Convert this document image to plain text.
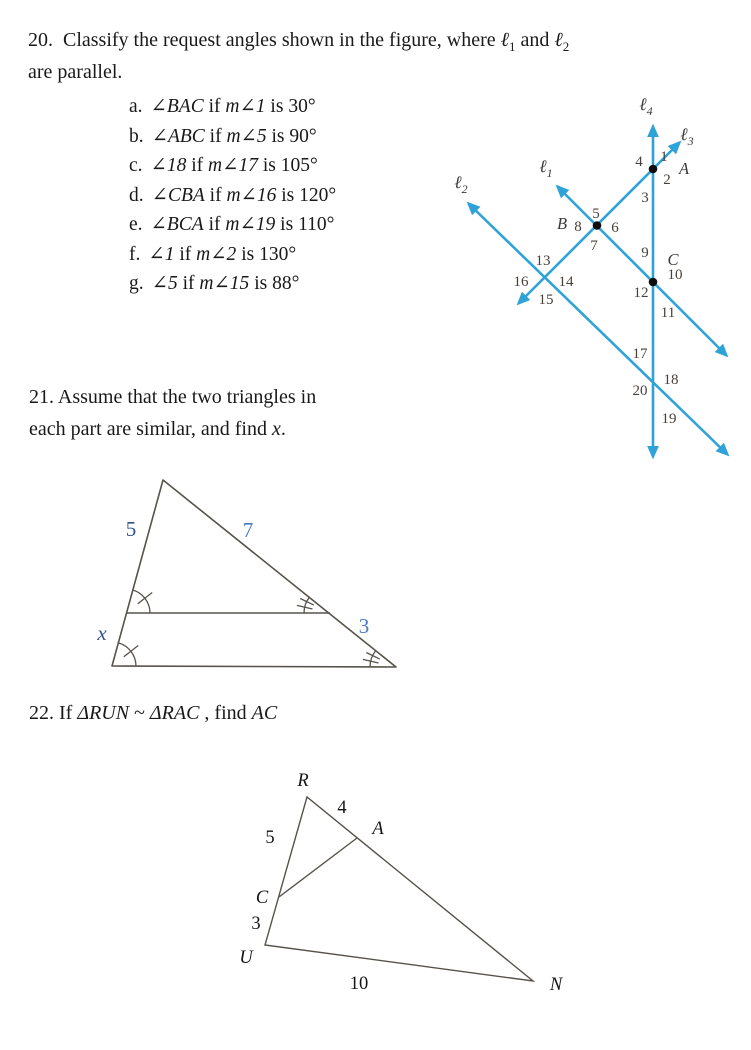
20. Classify the request angles shown in the figure, where ℓ$_1$ and ℓ$_2$
are parallel.
a. ∠BAC if m∠1 is 30°
b. ∠ABC if m∠5 is 90°
c. ∠18 if m∠17 is 105°
d. ∠CBA if m∠16 is 120°
e. ∠BCA if m∠19 is 110°
f. ∠1 if m∠2 is 130°
g. ∠5 if m∠15 is 88°
ℓ$_4$
ℓ$_3$
ℓ$_1$
ℓ$_2$
A
B
C
1
2
3
4
5
6
7
8
9
10
11
12
13
14
15
16
17
18
19
20
21. Assume that the two triangles in
each part are similar, and find x.
5	7
x	3
22. If ΔRUN ~ ΔRAC , find AC
R
A
C
U
N
4
5
3
10
